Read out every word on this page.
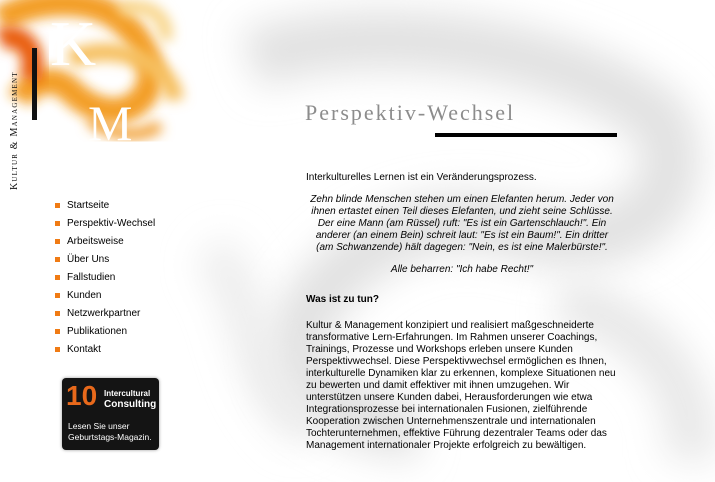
K
M
Kultur & Management
Startseite
Perspektiv-Wechsel
Arbeitsweise
Über Uns
Fallstudien
Kunden
Netzwerkpartner
Publikationen
Kontakt
10 Intercultural
Consulting
Lesen Sie unser
Geburtstags-Magazin.
Perspektiv-Wechsel

Interkulturelles Lernen ist ein Veränderungsprozess.

Zehn blinde Menschen stehen um einen Elefanten herum. Jeder von ihnen ertastet einen Teil dieses Elefanten, und zieht seine Schlüsse. Der eine Mann (am Rüssel) ruft: "Es ist ein Gartenschlauch!". Ein anderer (an einem Bein) schreit laut: "Es ist ein Baum!". Ein dritter (am Schwanzende) hält dagegen: "Nein, es ist eine Malerbürste!".

Alle beharren: "Ich habe Recht!"

Was ist zu tun?

Kultur & Management konzipiert und realisiert maßgeschneiderte transformative Lern-Erfahrungen. Im Rahmen unserer Coachings, Trainings, Prozesse und Workshops erleben unsere Kunden Perspektivwechsel. Diese Perspektivwechsel ermöglichen es Ihnen, interkulturelle Dynamiken klar zu erkennen, komplexe Situationen neu zu bewerten und damit effektiver mit ihnen umzugehen. Wir unterstützen unsere Kunden dabei, Herausforderungen wie etwa Integrationsprozesse bei internationalen Fusionen, zielführende Kooperation zwischen Unternehmenszentrale und internationalen Tochterunternehmen, effektive Führung dezentraler Teams oder das Management internationaler Projekte erfolgreich zu bewältigen.
